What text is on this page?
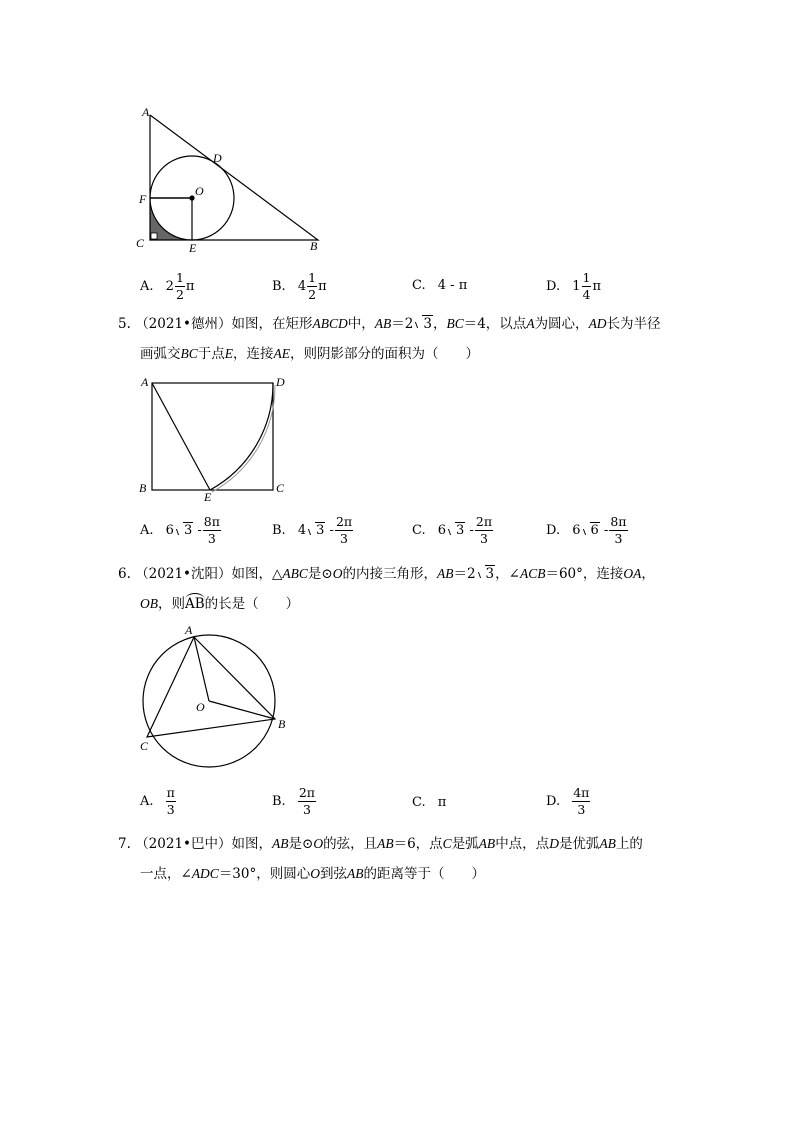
A
D
O
F
C	E	B
A. $2 \frac{1}{2}$ π	B. $4 \frac{1}{2}$ π	C. 4 - π	D. $1 \frac{1}{4}$ π
5. （2021•德州）如图，在矩形ABCD中，AB＝2 3，BC＝4，以点A为圆心，AD长为半径
画弧交BC于点E，连接AE，则阴影部分的面积为（　　）
A	D
B
E
C
A. 6 $3 - \frac{8\pi}{3}$	B. 4 $3 - \frac{2\pi}{3}$	C. 6 $3 - \frac{2\pi}{3}$	D. 6 $6 - \frac{8\pi}{3}$
6. （2021•沈阳）如图，△ABC是⊙O的内接三角形，AB＝2 3，∠ACB＝60°，连接OA，
OB，则AB的长是（　　）
A
O
B
C
A. $\frac{\pi}{3}$	B. $\frac{2\pi}{3}$	C. π	D. $\frac{4\pi}{3}$
7. （2021•巴中）如图，AB是⊙O的弦，且AB＝6，点C是弧AB中点，点D是优弧AB上的
一点，∠ADC＝30°，则圆心O到弦AB的距离等于（　　）
